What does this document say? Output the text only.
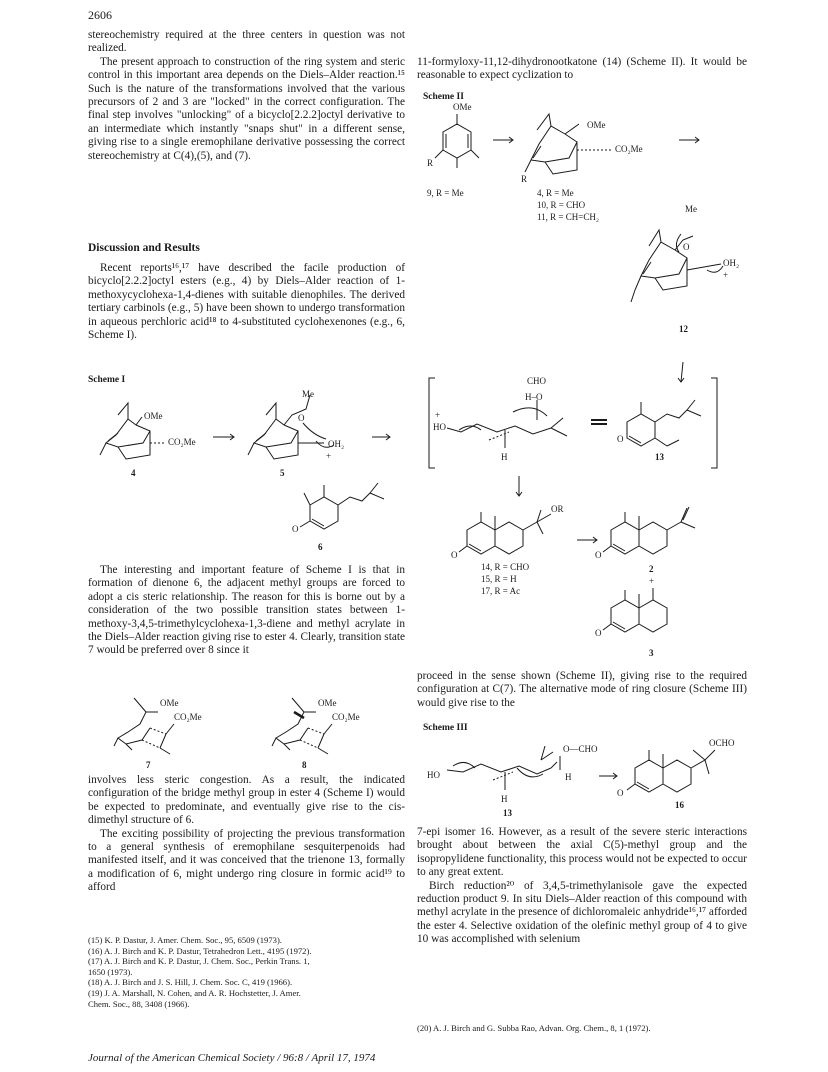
2606

stereochemistry required at the three centers in question was not realized.

The present approach to construction of the ring system and steric control in this important area depends on the Diels–Alder reaction.¹⁵ Such is the nature of the transformations involved that the various precursors of 2 and 3 are "locked" in the correct configuration. The final step involves "unlocking" of a bicyclo[2.2.2]octyl derivative to an intermediate which instantly "snaps shut" in a different sense, giving rise to a single eremophilane derivative possessing the correct stereochemistry at C(4),(5), and (7).

Discussion and Results

Recent reports¹⁶,¹⁷ have described the facile production of bicyclo[2.2.2]octyl esters (e.g., 4) by Diels–Alder reaction of 1-methoxycyclohexa-1,4-dienes with suitable dienophiles. The derived tertiary carbinols (e.g., 5) have been shown to undergo transformation in aqueous perchloric acid¹⁸ to 4-substituted cyclohexenones (e.g., 6, Scheme I).

Scheme I
OMe
CO₂Me
4
Me
O
OH₂
+
5
O
6

The interesting and important feature of Scheme I is that in formation of dienone 6, the adjacent methyl groups are forced to adopt a cis steric relationship. The reason for this is borne out by a consideration of the two possible transition states between 1-methoxy-3,4,5-trimethylcyclohexa-1,3-diene and methyl acrylate in the Diels–Alder reaction giving rise to ester 4. Clearly, transition state 7 would be preferred over 8 since it

OMe
CO₂Me
7
OMe
CO₂Me
8

involves less steric congestion. As a result, the indicated configuration of the bridge methyl group in ester 4 (Scheme I) would be expected to predominate, and eventually give rise to the cis-dimethyl structure of 6.

The exciting possibility of projecting the previous transformation to a general synthesis of eremophilane sesquiterpenoids had manifested itself, and it was conceived that the trienone 13, formally a modification of 6, might undergo ring closure in formic acid¹⁹ to afford

(15) K. P. Dastur, J. Amer. Chem. Soc., 95, 6509 (1973).
(16) A. J. Birch and K. P. Dastur, Tetrahedron Lett., 4195 (1972).
(17) A. J. Birch and K. P. Dastur, J. Chem. Soc., Perkin Trans. 1,
1650 (1973).
(18) A. J. Birch and J. S. Hill, J. Chem. Soc. C, 419 (1966).
(19) J. A. Marshall, N. Cohen, and A. R. Hochstetter, J. Amer.
Chem. Soc., 88, 3408 (1966).

11-formyloxy-11,12-dihydronootkatone (14) (Scheme II). It would be reasonable to expect cyclization to

Scheme II
OMe
R
9, R = Me
OMe
CO₂Me
R
4, R = Me
10, R = CHO
11, R = CH=CH₂
Me
O
OH₂
+
12
CHO
H–O
+
HO
H
O
13
OR
O
14, R = CHO
15, R = H
17, R = Ac
O
2
+
O
3

proceed in the sense shown (Scheme II), giving rise to the required configuration at C(7). The alternative mode of ring closure (Scheme III) would give rise to the

Scheme III
O—CHO
HO	H
H
13
OCHO
O
16

7-epi isomer 16. However, as a result of the severe steric interactions brought about between the axial C(5)-methyl group and the isopropylidene functionality, this process would not be expected to occur to any great extent.

Birch reduction²⁰ of 3,4,5-trimethylanisole gave the expected reduction product 9. In situ Diels–Alder reaction of this compound with methyl acrylate in the presence of dichloromaleic anhydride¹⁶,¹⁷ afforded the ester 4. Selective oxidation of the olefinic methyl group of 4 to give 10 was accomplished with selenium

(20) A. J. Birch and G. Subba Rao, Advan. Org. Chem., 8, 1 (1972).
Journal of the American Chemical Society / 96:8 / April 17, 1974
